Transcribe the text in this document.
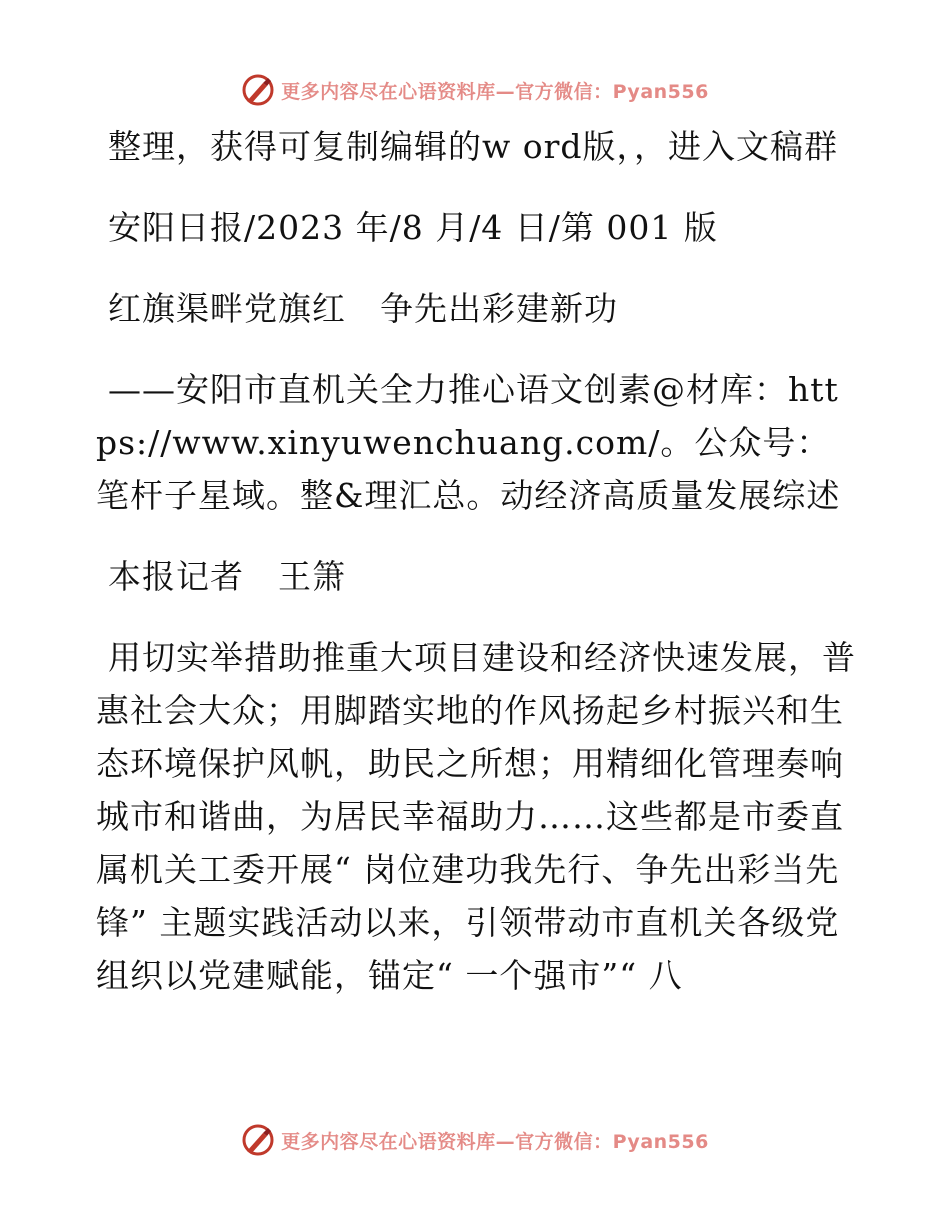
更多内容尽在心语资料库—官方微信：Pyan556

整理，获得可复制编辑的w ord版，，进入文稿群

安阳日报/2023 年/8 月/4 日/第 001 版

红旗渠畔党旗红　争先出彩建新功

——安阳市直机关全力推心语文创素@材库：https://www.xinyuwenchuang.com/。公众号：笔杆子星域。整&理汇总。动经济高质量发展综述

本报记者　王箫

用切实举措助推重大项目建设和经济快速发展，普惠社会大众；用脚踏实地的作风扬起乡村振兴和生态环境保护风帆，助民之所想；用精细化管理奏响城市和谐曲，为居民幸福助力……这些都是市委直属机关工委开展“ 岗位建功我先行、争先出彩当先锋” 主题实践活动以来，引领带动市直机关各级党组织以党建赋能，锚定“ 一个强市”“ 八

更多内容尽在心语资料库—官方微信：Pyan556
